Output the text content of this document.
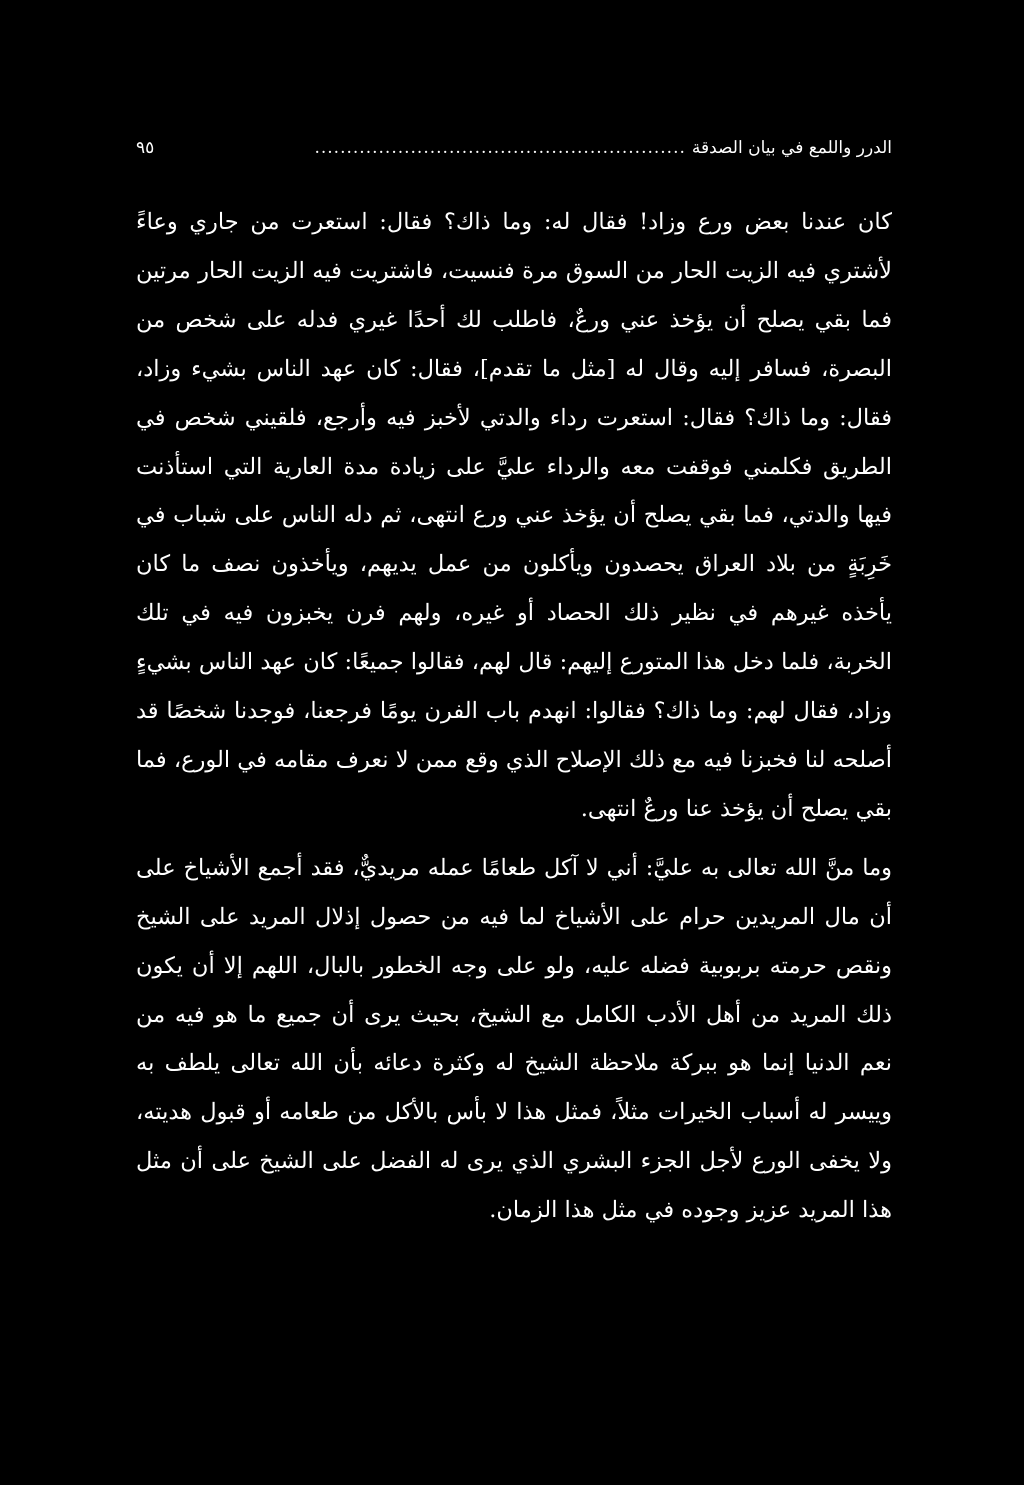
الدرر واللمع في بيان الصدقة
..........................................................
٩٥

كان عندنا بعض ورع وزاد! فقال له: وما ذاك؟ فقال: استعرت من جاري وعاءً لأشتري فيه الزيت الحار من السوق مرة فنسيت، فاشتريت فيه الزيت الحار مرتين فما بقي يصلح أن يؤخذ عني ورعٌ، فاطلب لك أحدًا غيري فدله على شخص من البصرة، فسافر إليه وقال له [مثل ما تقدم]، فقال: كان عهد الناس بشيء وزاد، فقال: وما ذاك؟ فقال: استعرت رداء والدتي لأخبز فيه وأرجع، فلقيني شخص في الطريق فكلمني فوقفت معه والرداء عليَّ على زيادة مدة العارية التي استأذنت فيها والدتي، فما بقي يصلح أن يؤخذ عني ورع انتهى، ثم دله الناس على شباب في خَرِبَةٍ من بلاد العراق يحصدون ويأكلون من عمل يديهم، ويأخذون نصف ما كان يأخذه غيرهم في نظير ذلك الحصاد أو غيره، ولهم فرن يخبزون فيه في تلك الخربة، فلما دخل هذا المتورع إليهم: قال لهم، فقالوا جميعًا: كان عهد الناس بشيءٍ وزاد، فقال لهم: وما ذاك؟ فقالوا: انهدم باب الفرن يومًا فرجعنا، فوجدنا شخصًا قد أصلحه لنا فخبزنا فيه مع ذلك الإصلاح الذي وقع ممن لا نعرف مقامه في الورع، فما بقي يصلح أن يؤخذ عنا ورعٌ انتهى.

وما منَّ الله تعالى به عليَّ: أني لا آكل طعامًا عمله مريديٌّ، فقد أجمع الأشياخ على أن مال المريدين حرام على الأشياخ لما فيه من حصول إذلال المريد على الشيخ ونقص حرمته بربوبية فضله عليه، ولو على وجه الخطور بالبال، اللهم إلا أن يكون ذلك المريد من أهل الأدب الكامل مع الشيخ، بحيث يرى أن جميع ما هو فيه من نعم الدنيا إنما هو ببركة ملاحظة الشيخ له وكثرة دعائه بأن الله تعالى يلطف به وييسر له أسباب الخيرات مثلاً، فمثل هذا لا بأس بالأكل من طعامه أو قبول هديته، ولا يخفى الورع لأجل الجزء البشري الذي يرى له الفضل على الشيخ على أن مثل هذا المريد عزيز وجوده في مثل هذا الزمان.
